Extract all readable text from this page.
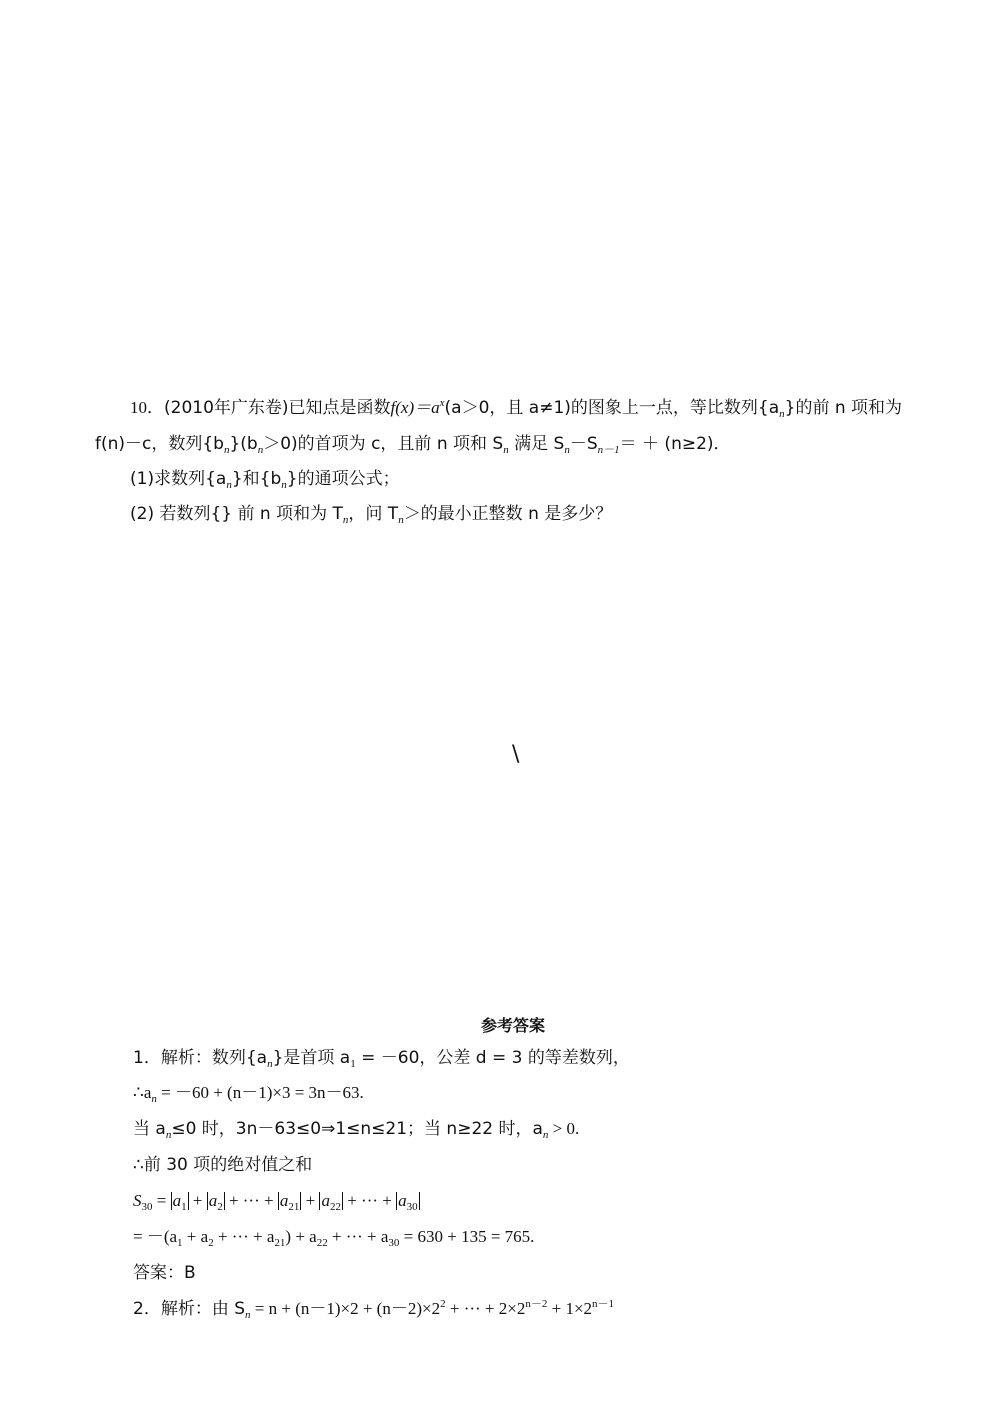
10．(2010年广东卷)已知点是函数$f(x)=a^x(a>0$，且 a≠1)的图象上一点，等比数列$\{a_n\}$的前 n 项和为
f(n)－c，数列$\{b_n\}(b_n>0)$的首项为 c，且前 n 项和 $S_n$ 满足 $S_n-S_{n-1}= + (n\ge 2)$．
(1)求数列$\{a_n\}$和$\{b_n\}$的通项公式；
(2) 若数列{} 前 n 项和为 $T_n$，问 $T_n>$的最小正整数 n 是多少？
\
参考答案
1．解析：数列$\{a_n\}$是首项 $a_1 = -60$，公差 d = 3 的等差数列，
$\therefore a_n = -60 + (n-1)\times 3 = 3n-63$.
当 $a_n\le 0$ 时，3n－63≤0⇒1≤n≤21；当 n≥22 时，$a_n > 0$.
∴前 30 项的绝对值之和
$S_{30} = a_1 + a_2$ + ··· + $a_{21} + a_{22}$ + ··· + $a_{30}$
= $-(a_1 + a_2$ + ··· + $a_{21}) + a_{22}$ + ··· + $a_{30} = 630 + 135 = 765$.
答案：B
2．解析：由 $S_n = n + (n-1)\times 2 + (n-2)\times 2^2$ + ··· + $2\times 2^{n-2} + 1\times 2^{n-1}$
